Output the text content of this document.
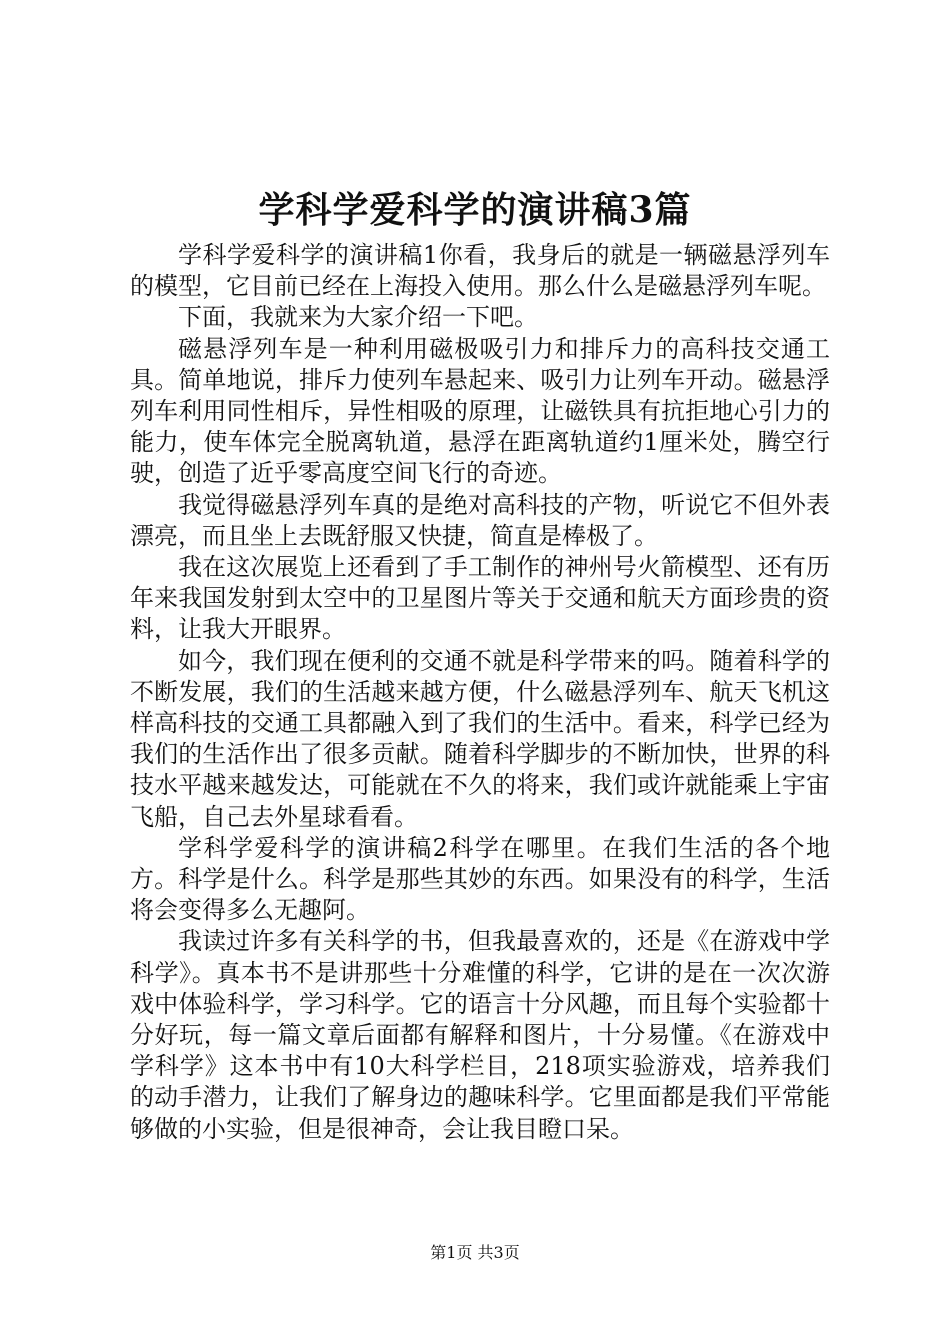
学科学爱科学的演讲稿3篇

学科学爱科学的演讲稿1你看，我身后的就是一辆磁悬浮列车的模型，它目前已经在上海投入使用。那么什么是磁悬浮列车呢。

下面，我就来为大家介绍一下吧。

磁悬浮列车是一种利用磁极吸引力和排斥力的高科技交通工具。简单地说，排斥力使列车悬起来、吸引力让列车开动。磁悬浮列车利用同性相斥，异性相吸的原理，让磁铁具有抗拒地心引力的能力，使车体完全脱离轨道，悬浮在距离轨道约1厘米处，腾空行驶，创造了近乎零高度空间飞行的奇迹。

我觉得磁悬浮列车真的是绝对高科技的产物，听说它不但外表漂亮，而且坐上去既舒服又快捷，简直是棒极了。

我在这次展览上还看到了手工制作的神州号火箭模型、还有历年来我国发射到太空中的卫星图片等关于交通和航天方面珍贵的资料，让我大开眼界。

如今，我们现在便利的交通不就是科学带来的吗。随着科学的不断发展，我们的生活越来越方便，什么磁悬浮列车、航天飞机这样高科技的交通工具都融入到了我们的生活中。看来，科学已经为我们的生活作出了很多贡献。随着科学脚步的不断加快，世界的科技水平越来越发达，可能就在不久的将来，我们或许就能乘上宇宙飞船，自己去外星球看看。

学科学爱科学的演讲稿2科学在哪里。在我们生活的各个地方。科学是什么。科学是那些其妙的东西。如果没有的科学，生活将会变得多么无趣阿。

我读过许多有关科学的书，但我最喜欢的，还是《在游戏中学科学》。真本书不是讲那些十分难懂的科学，它讲的是在一次次游戏中体验科学，学习科学。它的语言十分风趣，而且每个实验都十分好玩，每一篇文章后面都有解释和图片，十分易懂。《在游戏中学科学》这本书中有10大科学栏目，218项实验游戏，培养我们的动手潜力，让我们了解身边的趣味科学。它里面都是我们平常能够做的小实验，但是很神奇，会让我目瞪口呆。

第1页 共3页
